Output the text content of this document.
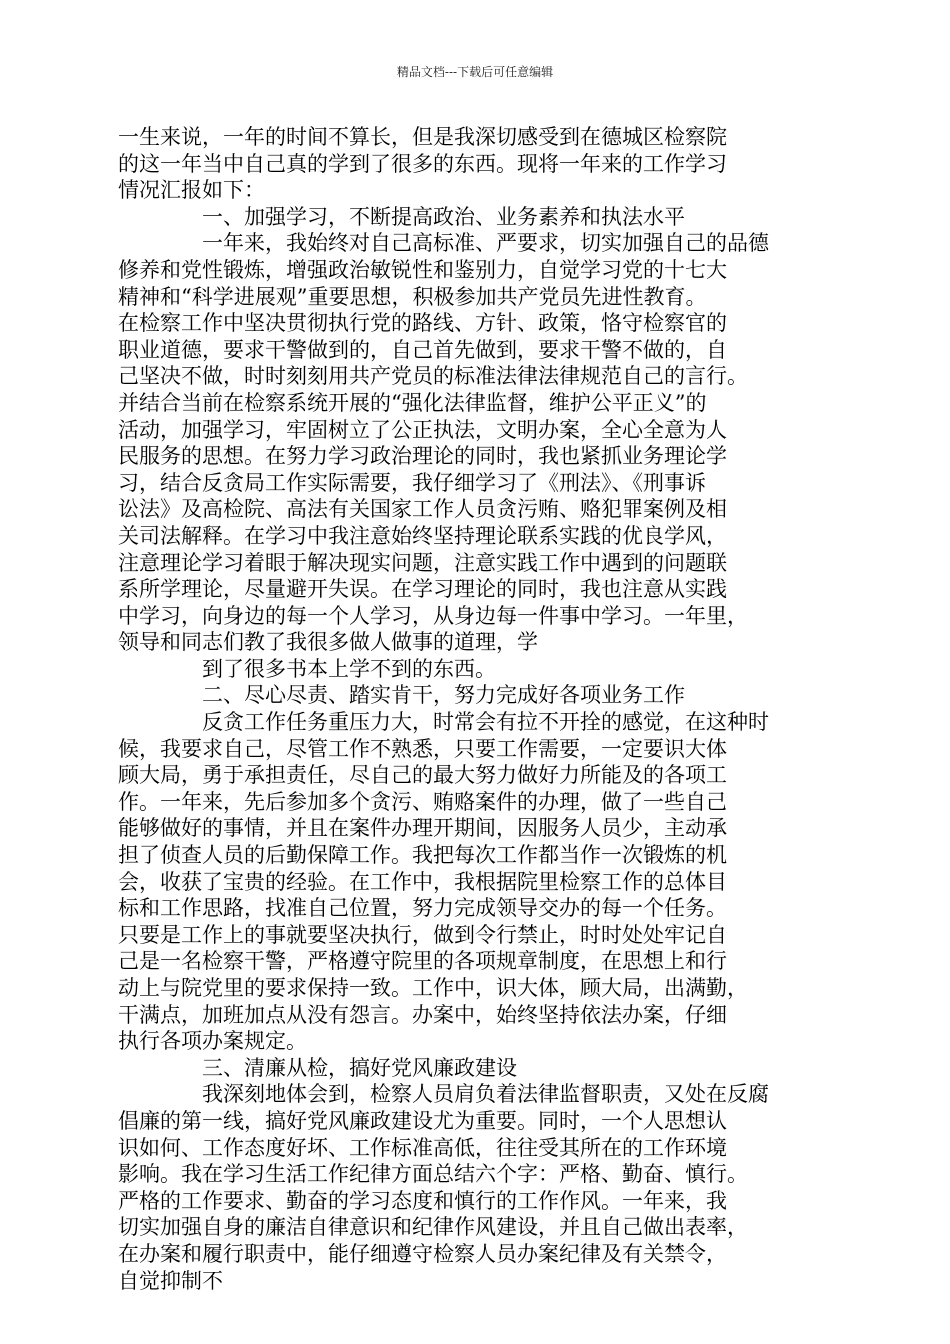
精品文档---下载后可任意编辑
一生来说，一年的时间不算长，但是我深切感受到在德城区检察院
的这一年当中自己真的学到了很多的东西。现将一年来的工作学习
情况汇报如下：
一、加强学习，不断提高政治、业务素养和执法水平
一年来，我始终对自己高标准、严要求，切实加强自己的品德
修养和党性锻炼，增强政治敏锐性和鉴别力，自觉学习党的十七大
精神和“科学进展观”重要思想，积极参加共产党员先进性教育。
在检察工作中坚决贯彻执行党的路线、方针、政策，恪守检察官的
职业道德，要求干警做到的，自己首先做到，要求干警不做的，自
己坚决不做，时时刻刻用共产党员的标准法律法律规范自己的言行。
并结合当前在检察系统开展的“强化法律监督，维护公平正义”的
活动，加强学习，牢固树立了公正执法，文明办案，全心全意为人
民服务的思想。在努力学习政治理论的同时，我也紧抓业务理论学
习，结合反贪局工作实际需要，我仔细学习了《刑法》、《刑事诉
讼法》及高检院、高法有关国家工作人员贪污贿、赂犯罪案例及相
关司法解释。在学习中我注意始终坚持理论联系实践的优良学风，
注意理论学习着眼于解决现实问题，注意实践工作中遇到的问题联
系所学理论，尽量避开失误。在学习理论的同时，我也注意从实践
中学习，向身边的每一个人学习，从身边每一件事中学习。一年里，
领导和同志们教了我很多做人做事的道理，学
到了很多书本上学不到的东西。
二、尽心尽责、踏实肯干，努力完成好各项业务工作
反贪工作任务重压力大，时常会有拉不开拴的感觉，在这种时
候，我要求自己，尽管工作不熟悉，只要工作需要，一定要识大体
顾大局，勇于承担责任，尽自己的最大努力做好力所能及的各项工
作。一年来，先后参加多个贪污、贿赂案件的办理，做了一些自己
能够做好的事情，并且在案件办理开期间，因服务人员少，主动承
担了侦查人员的后勤保障工作。我把每次工作都当作一次锻炼的机
会，收获了宝贵的经验。在工作中，我根据院里检察工作的总体目
标和工作思路，找准自己位置，努力完成领导交办的每一个任务。
只要是工作上的事就要坚决执行，做到令行禁止，时时处处牢记自
己是一名检察干警，严格遵守院里的各项规章制度，在思想上和行
动上与院党里的要求保持一致。工作中，识大体，顾大局，出满勤，
干满点，加班加点从没有怨言。办案中，始终坚持依法办案，仔细
执行各项办案规定。
三、清廉从检，搞好党风廉政建设
我深刻地体会到，检察人员肩负着法律监督职责，又处在反腐
倡廉的第一线，搞好党风廉政建设尤为重要。同时，一个人思想认
识如何、工作态度好坏、工作标准高低，往往受其所在的工作环境
影响。我在学习生活工作纪律方面总结六个字：严格、勤奋、慎行。
严格的工作要求、勤奋的学习态度和慎行的工作作风。一年来，我
切实加强自身的廉洁自律意识和纪律作风建设，并且自己做出表率，
在办案和履行职责中，能仔细遵守检察人员办案纪律及有关禁令，
自觉抑制不
